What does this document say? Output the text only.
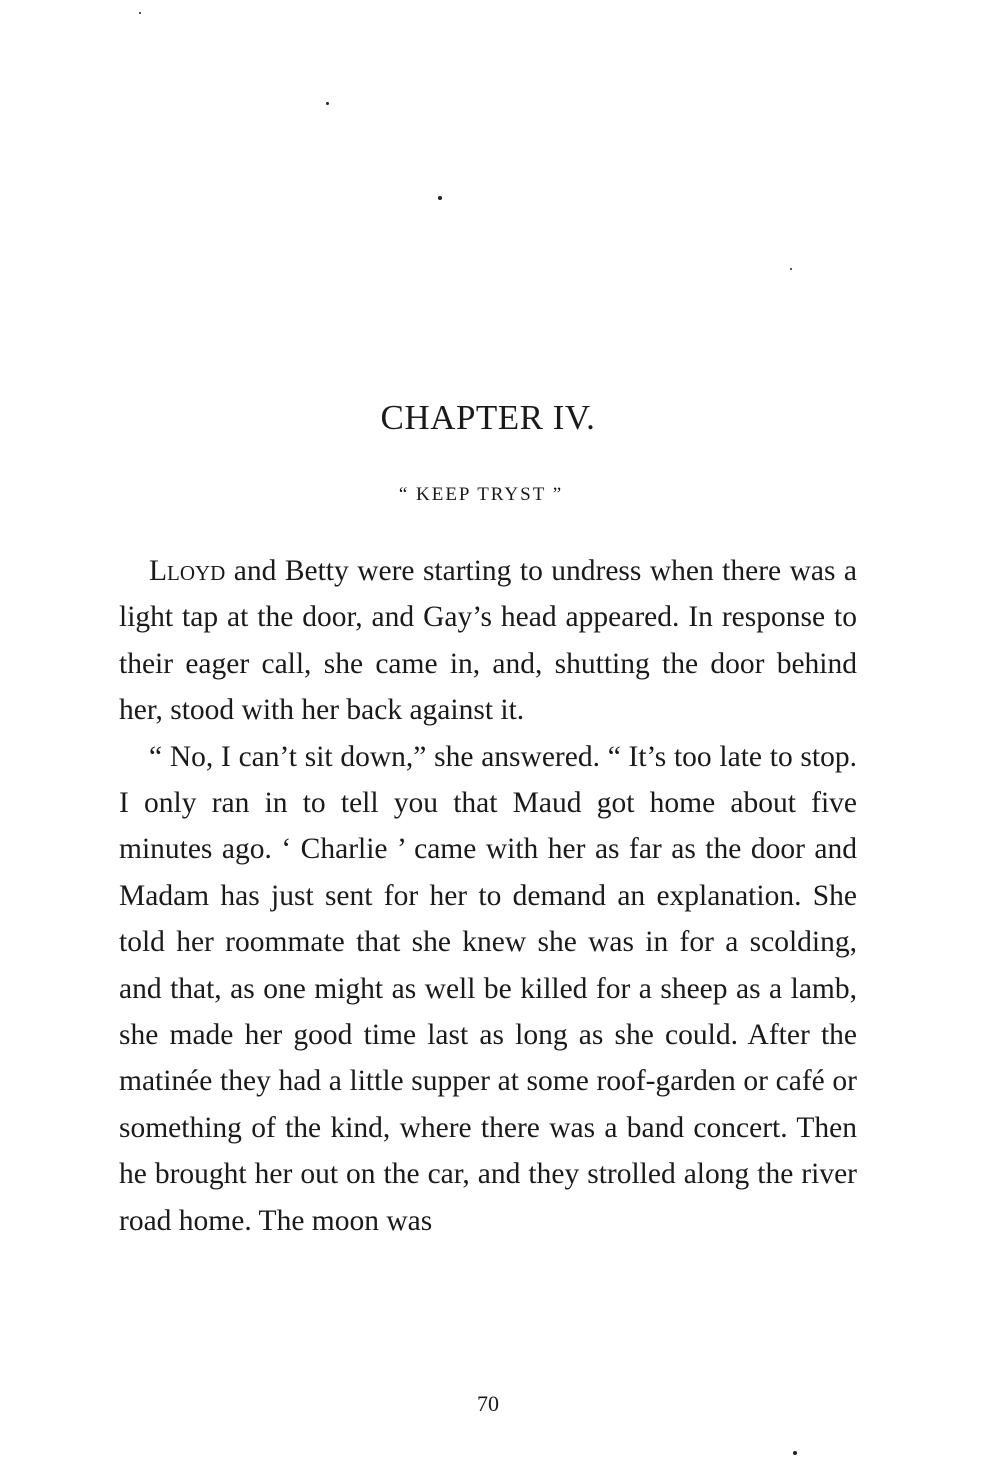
CHAPTER IV.
“ KEEP TRYST ”

Lloyd and Betty were starting to undress when there was a light tap at the door, and Gay’s head appeared. In response to their eager call, she came in, and, shutting the door behind her, stood with her back against it.

“ No, I can’t sit down,” she answered. “ It’s too late to stop. I only ran in to tell you that Maud got home about five minutes ago. ‘ Charlie ’ came with her as far as the door and Madam has just sent for her to demand an explanation. She told her roommate that she knew she was in for a scolding, and that, as one might as well be killed for a sheep as a lamb, she made her good time last as long as she could. After the matinée they had a little supper at some roof-garden or café or something of the kind, where there was a band concert. Then he brought her out on the car, and they strolled along the river road home. The moon was

70
